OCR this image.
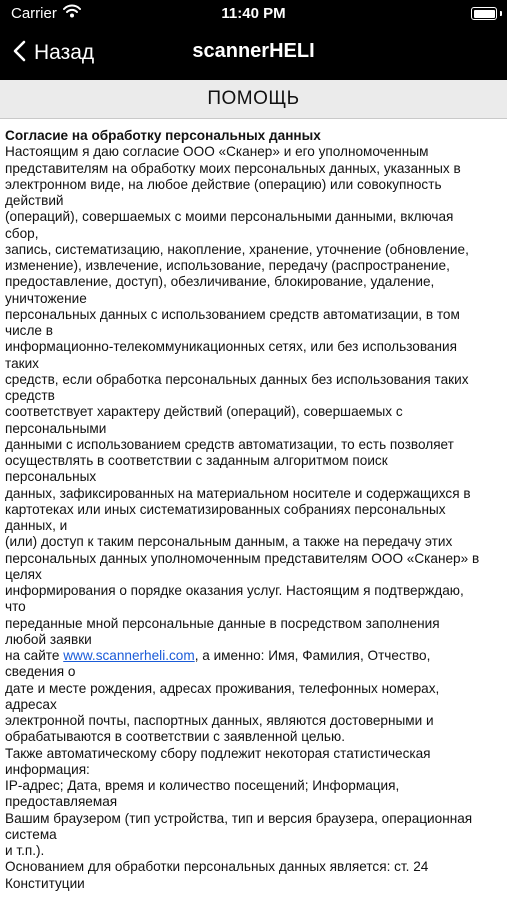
Carrier	11:40 PM
Назад	scannerHELI
ПОМОЩЬ
Согласие на обработку персональных данных
Настоящим я даю согласие ООО «Сканер» и его уполномоченным
представителям на обработку моих персональных данных, указанных в
электронном виде, на любое действие (операцию) или совокупность
действий
(операций), совершаемых с моими персональными данными, включая
сбор,
запись, систематизацию, накопление, хранение, уточнение (обновление,
изменение), извлечение, использование, передачу (распространение,
предоставление, доступ), обезличивание, блокирование, удаление,
уничтожение
персональных данных с использованием средств автоматизации, в том
числе в
информационно-телекоммуникационных сетях, или без использования
таких
средств, если обработка персональных данных без использования таких
средств
соответствует характеру действий (операций), совершаемых с
персональными
данными с использованием средств автоматизации, то есть позволяет
осуществлять в соответствии с заданным алгоритмом поиск
персональных
данных, зафиксированных на материальном носителе и содержащихся в
картотеках или иных систематизированных собраниях персональных
данных, и
(или) доступ к таким персональным данным, а также на передачу этих
персональных данных уполномоченным представителям ООО «Сканер» в
целях
информирования о порядке оказания услуг. Настоящим я подтверждаю,
что
переданные мной персональные данные в посредством заполнения
любой заявки
на сайте www.scannerheli.com, а именно: Имя, Фамилия, Отчество,
сведения о
дате и месте рождения, адресах проживания, телефонных номерах,
адресах
электронной почты, паспортных данных, являются достоверными и
обрабатываются в соответствии с заявленной целью.
Также автоматическому сбору подлежит некоторая статистическая
информация:
IP-адрес; Дата, время и количество посещений; Информация,
предоставляемая
Вашим браузером (тип устройства, тип и версия браузера, операционная
система
и т.п.).
Основанием для обработки персональных данных является: ст. 24
Конституции
